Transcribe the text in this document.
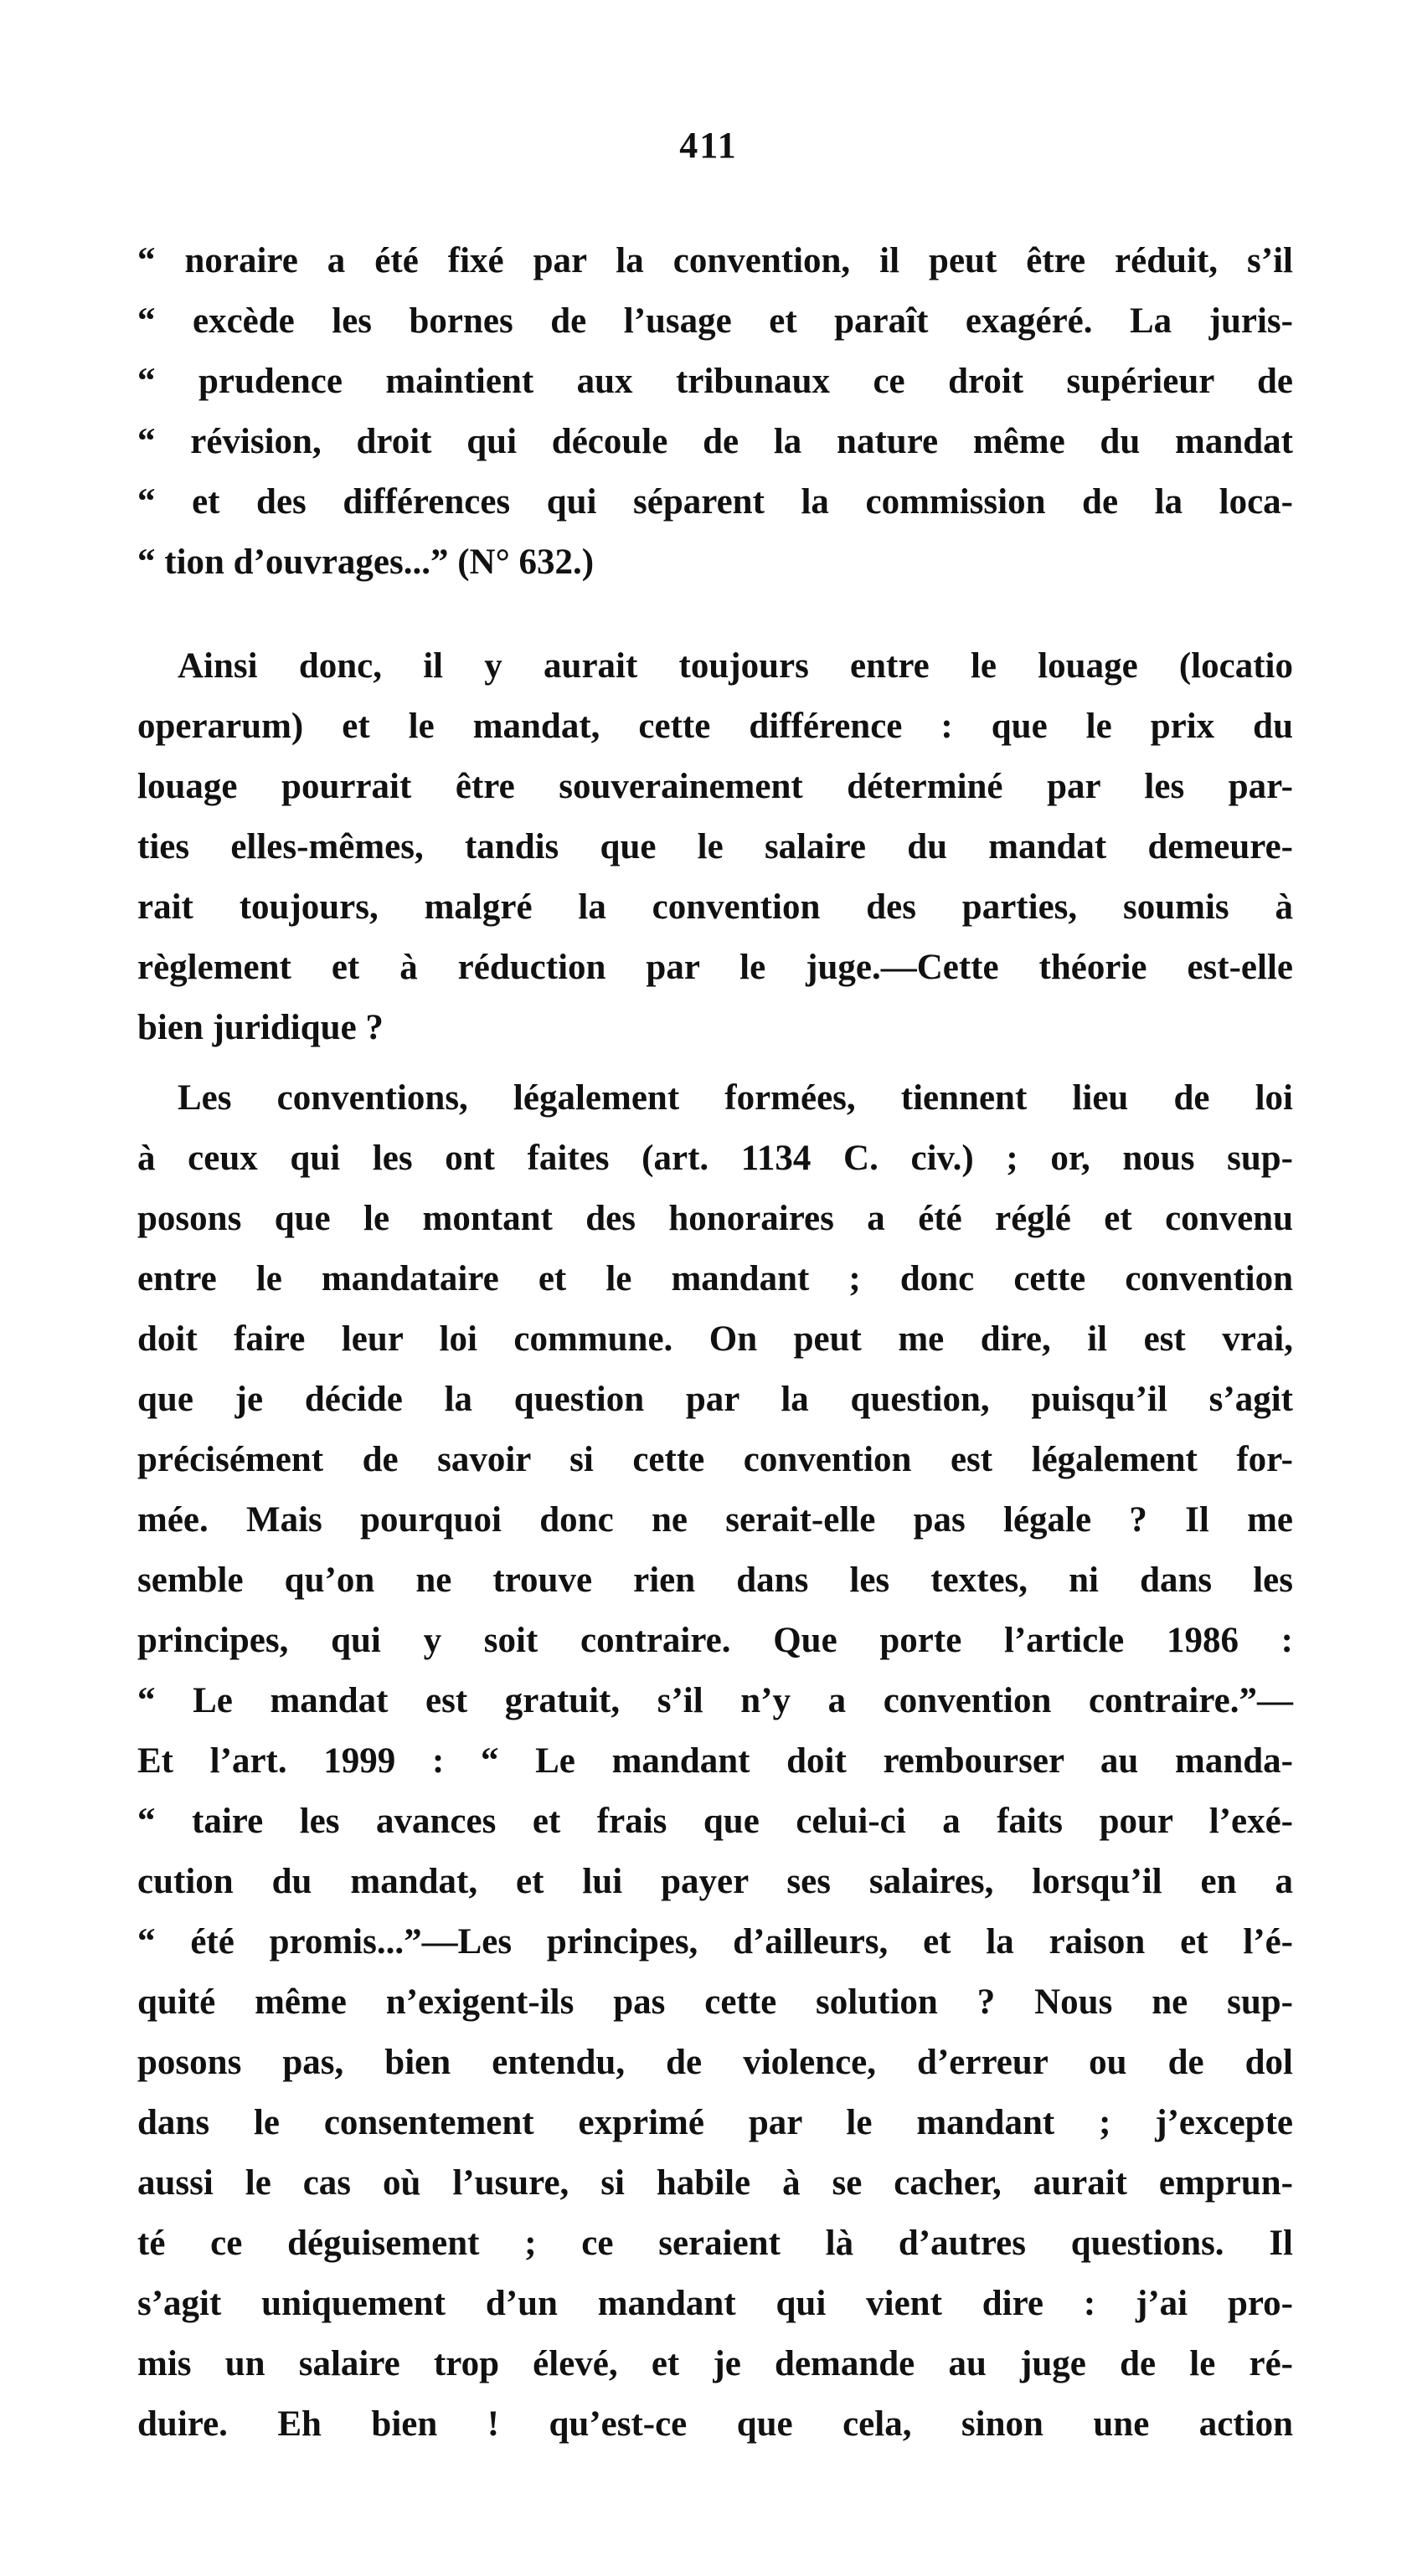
411
“ noraire a été fixé par la convention, il peut être réduit, s’il
“ excède les bornes de l’usage et paraît exagéré. La juris-
“ prudence maintient aux tribunaux ce droit supérieur de
“ révision, droit qui découle de la nature même du mandat
“ et des différences qui séparent la commission de la loca-
“ tion d’ouvrages...” (N° 632.)
Ainsi donc, il y aurait toujours entre le louage (locatio
operarum) et le mandat, cette différence : que le prix du
louage pourrait être souverainement déterminé par les par-
ties elles-mêmes, tandis que le salaire du mandat demeure-
rait toujours, malgré la convention des parties, soumis à
règlement et à réduction par le juge.—Cette théorie est-elle
bien juridique ?
Les conventions, légalement formées, tiennent lieu de loi
à ceux qui les ont faites (art. 1134 C. civ.) ; or, nous sup-
posons que le montant des honoraires a été réglé et convenu
entre le mandataire et le mandant ; donc cette convention
doit faire leur loi commune. On peut me dire, il est vrai,
que je décide la question par la question, puisqu’il s’agit
précisément de savoir si cette convention est légalement for-
mée. Mais pourquoi donc ne serait-elle pas légale ? Il me
semble qu’on ne trouve rien dans les textes, ni dans les
principes, qui y soit contraire. Que porte l’article 1986 :
“ Le mandat est gratuit, s’il n’y a convention contraire.”—
Et l’art. 1999 : “ Le mandant doit rembourser au manda-
“ taire les avances et frais que celui-ci a faits pour l’exé-
cution du mandat, et lui payer ses salaires, lorsqu’il en a
“ été promis...”—Les principes, d’ailleurs, et la raison et l’é-
quité même n’exigent-ils pas cette solution ? Nous ne sup-
posons pas, bien entendu, de violence, d’erreur ou de dol
dans le consentement exprimé par le mandant ; j’excepte
aussi le cas où l’usure, si habile à se cacher, aurait emprun-
té ce déguisement ; ce seraient là d’autres questions. Il
s’agit uniquement d’un mandant qui vient dire : j’ai pro-
mis un salaire trop élevé, et je demande au juge de le ré-
duire. Eh bien ! qu’est-ce que cela, sinon une action
